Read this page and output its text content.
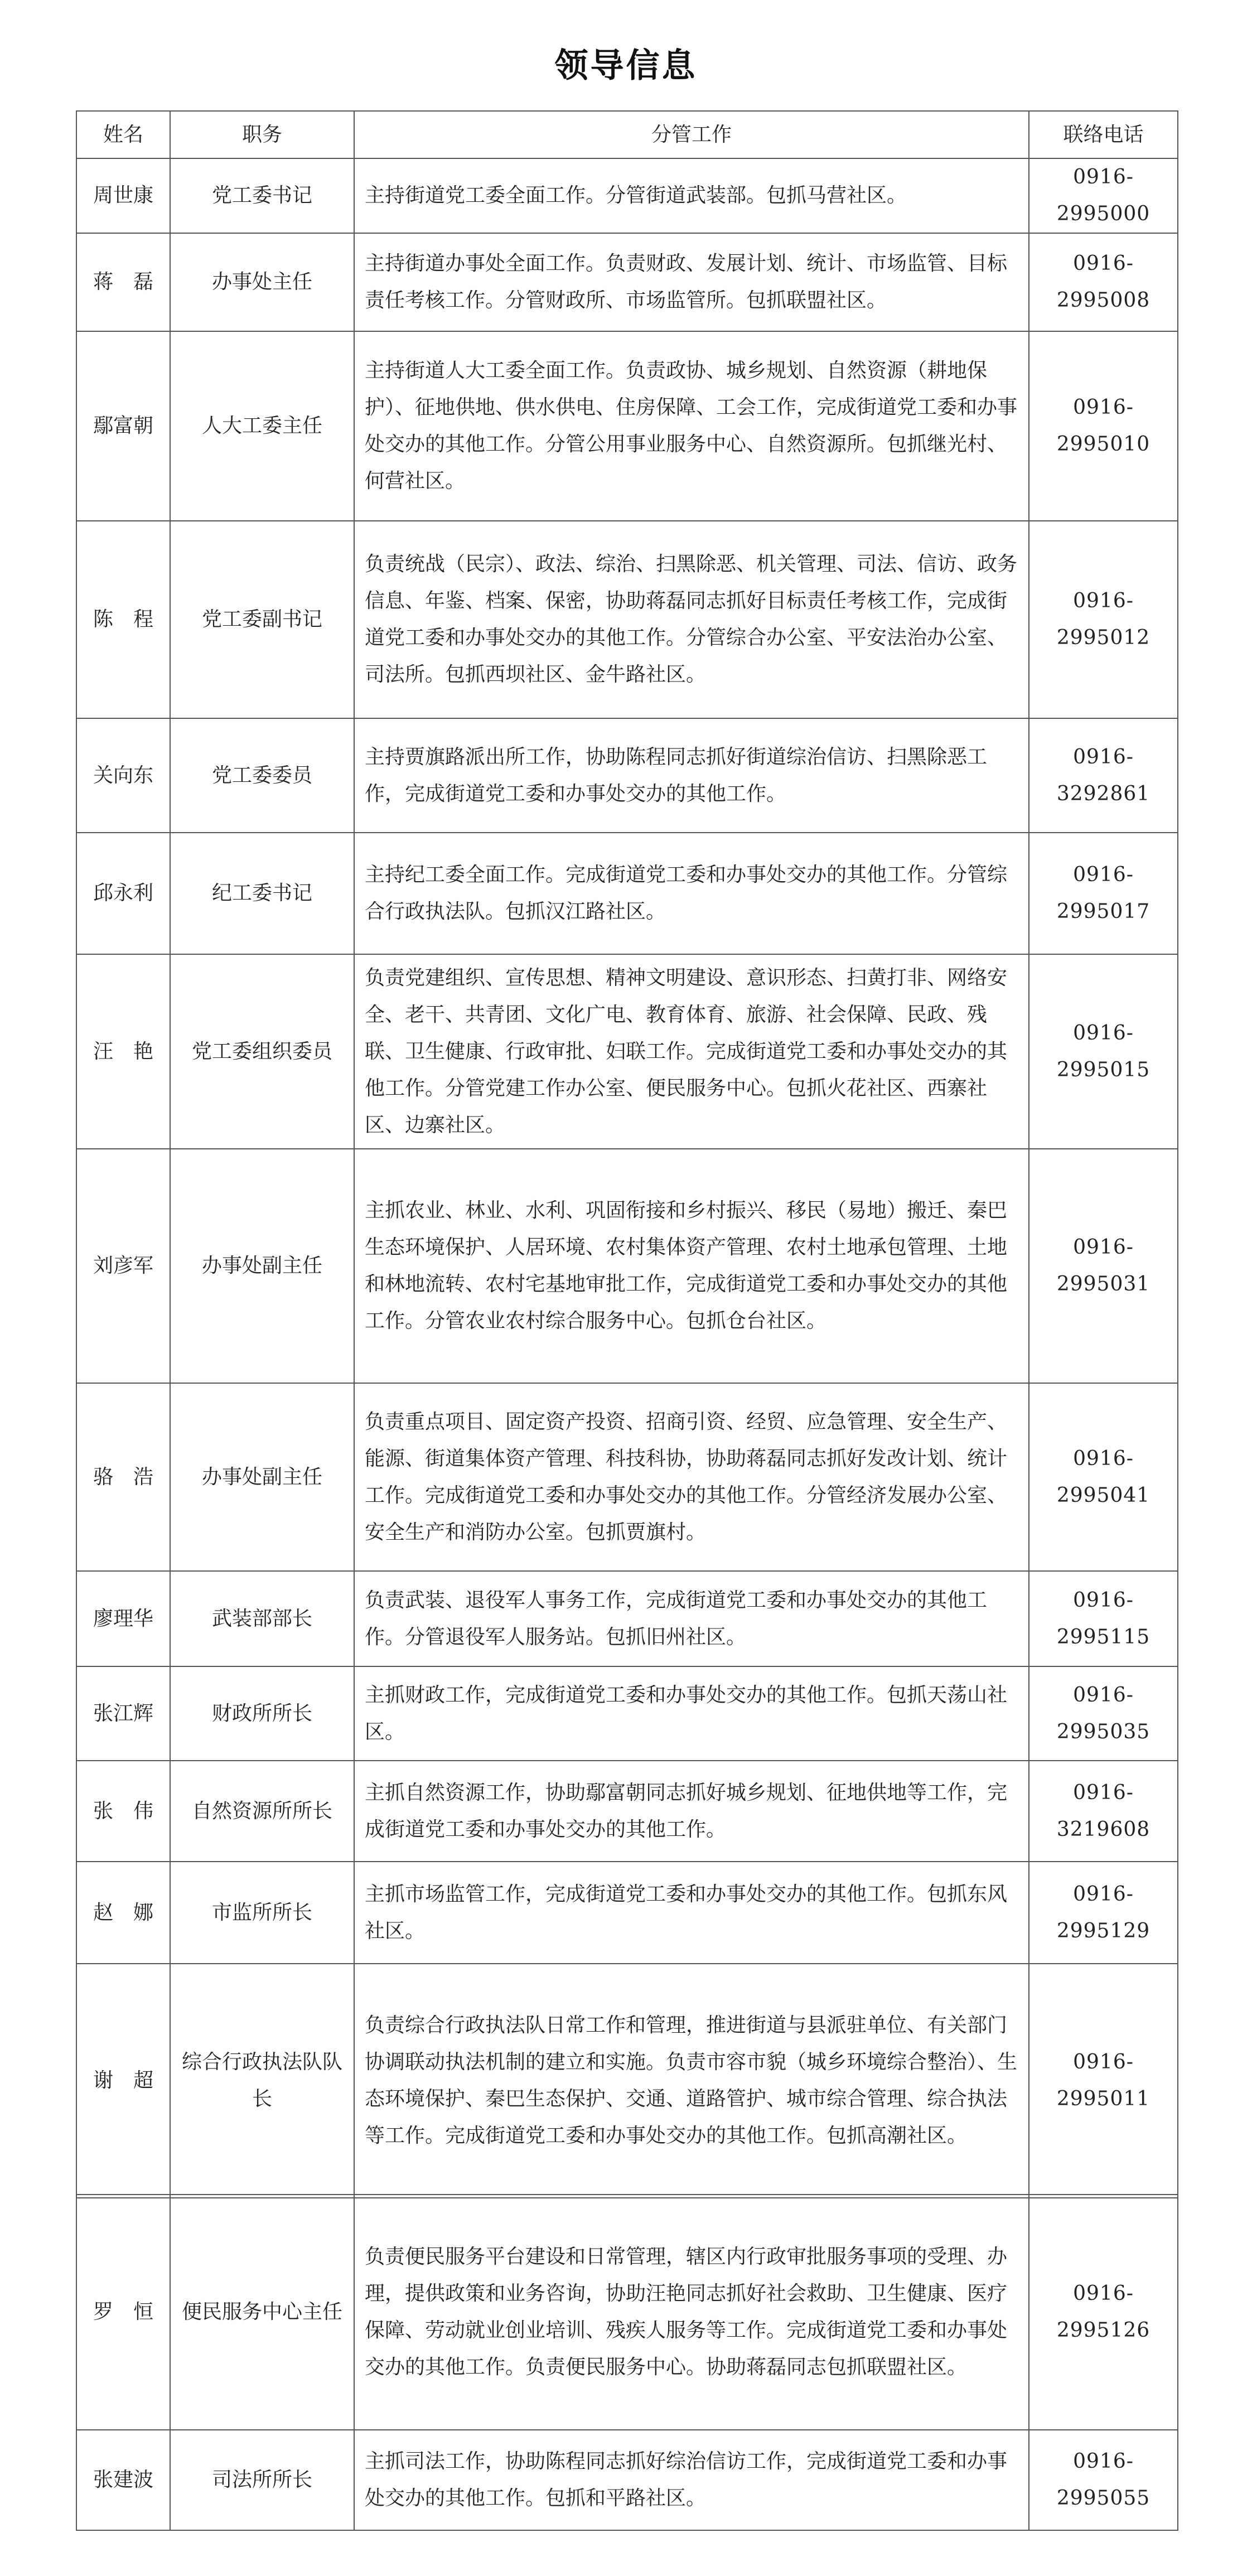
领导信息
姓名	职务	分管工作	联络电话
周世康	党工委书记	主持街道党工委全面工作。分管街道武装部。包抓马营社区。	0916-2995000
蒋　磊	办事处主任	主持街道办事处全面工作。负责财政、发展计划、统计、市场监管、目标责任考核工作。分管财政所、市场监管所。包抓联盟社区。	0916-2995008
鄢富朝	人大工委主任	主持街道人大工委全面工作。负责政协、城乡规划、自然资源（耕地保护）、征地供地、供水供电、住房保障、工会工作，完成街道党工委和办事处交办的其他工作。分管公用事业服务中心、自然资源所。包抓继光村、何营社区。	0916-2995010
陈　程	党工委副书记	负责统战（民宗）、政法、综治、扫黑除恶、机关管理、司法、信访、政务信息、年鉴、档案、保密，协助蒋磊同志抓好目标责任考核工作，完成街道党工委和办事处交办的其他工作。分管综合办公室、平安法治办公室、司法所。包抓西坝社区、金牛路社区。	0916-2995012
关向东	党工委委员	主持贾旗路派出所工作，协助陈程同志抓好街道综治信访、扫黑除恶工作，完成街道党工委和办事处交办的其他工作。	0916-3292861
邱永利	纪工委书记	主持纪工委全面工作。完成街道党工委和办事处交办的其他工作。分管综合行政执法队。包抓汉江路社区。	0916-2995017
汪　艳	党工委组织委员	负责党建组织、宣传思想、精神文明建设、意识形态、扫黄打非、网络安全、老干、共青团、文化广电、教育体育、旅游、社会保障、民政、残联、卫生健康、行政审批、妇联工作。完成街道党工委和办事处交办的其他工作。分管党建工作办公室、便民服务中心。包抓火花社区、西寨社区、边寨社区。	0916-2995015
刘彦军	办事处副主任	主抓农业、林业、水利、巩固衔接和乡村振兴、移民（易地）搬迁、秦巴生态环境保护、人居环境、农村集体资产管理、农村土地承包管理、土地和林地流转、农村宅基地审批工作，完成街道党工委和办事处交办的其他工作。分管农业农村综合服务中心。包抓仓台社区。	0916-2995031
骆　浩	办事处副主任	负责重点项目、固定资产投资、招商引资、经贸、应急管理、安全生产、能源、街道集体资产管理、科技科协，协助蒋磊同志抓好发改计划、统计工作。完成街道党工委和办事处交办的其他工作。分管经济发展办公室、安全生产和消防办公室。包抓贾旗村。	0916-2995041
廖理华	武装部部长	负责武装、退役军人事务工作，完成街道党工委和办事处交办的其他工作。分管退役军人服务站。包抓旧州社区。	0916-2995115
张江辉	财政所所长	主抓财政工作，完成街道党工委和办事处交办的其他工作。包抓天荡山社区。	0916-2995035
张　伟	自然资源所所长	主抓自然资源工作，协助鄢富朝同志抓好城乡规划、征地供地等工作，完成街道党工委和办事处交办的其他工作。	0916-3219608
赵　娜	市监所所长	主抓市场监管工作，完成街道党工委和办事处交办的其他工作。包抓东风社区。	0916-2995129
谢　超	综合行政执法队队长	负责综合行政执法队日常工作和管理，推进街道与县派驻单位、有关部门协调联动执法机制的建立和实施。负责市容市貌（城乡环境综合整治）、生态环境保护、秦巴生态保护、交通、道路管护、城市综合管理、综合执法等工作。完成街道党工委和办事处交办的其他工作。包抓高潮社区。	0916-2995011
罗　恒	便民服务中心主任	负责便民服务平台建设和日常管理，辖区内行政审批服务事项的受理、办理，提供政策和业务咨询，协助汪艳同志抓好社会救助、卫生健康、医疗保障、劳动就业创业培训、残疾人服务等工作。完成街道党工委和办事处交办的其他工作。负责便民服务中心。协助蒋磊同志包抓联盟社区。	0916-2995126
张建波	司法所所长	主抓司法工作，协助陈程同志抓好综治信访工作，完成街道党工委和办事处交办的其他工作。包抓和平路社区。	0916-2995055
